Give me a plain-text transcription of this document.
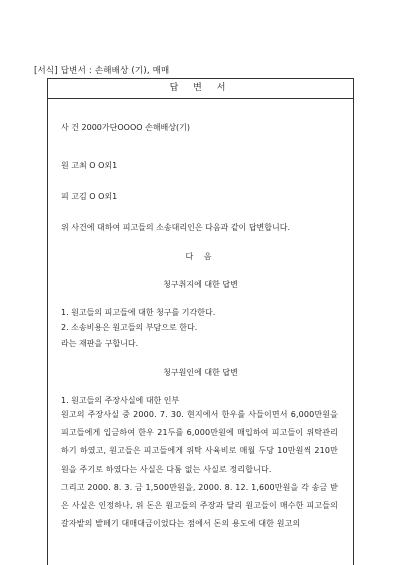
[서식] 답변서 : 손해배상 (기), 매매
답 변 서
사 건 2000가단OOOO 손해배상(기)
원 고최 O O외1
피 고김 O O외1
위 사건에 대하여 피고들의 소송대리인은 다음과 같이 답변합니다.
다 음
청구취지에 대한 답변
1. 원고들의 피고들에 대한 청구를 기각한다.
2. 소송비용은 원고들의 부담으로 한다.
라는 재판을 구합니다.
청구원인에 대한 답변
1. 원고들의 주장사실에 대한 인부
원고의 주장사실 중 2000. 7. 30. 현지에서 한우를 사들이면서 6,000만원을 피고들에게 입금하여 한우 21두를 6,000만원에 매입하여 피고들이 위탁관리하기 하였고, 원고들은 피고들에게 위탁 사육비로 매월 두당 10만원씩 210만원을 주기로 하였다는 사실은 다툼 없는 사실로 정리합니다.
그리고 2000. 8. 3. 금 1,500만원을, 2000. 8. 12. 1,600만원을 각 송금 받은 사실은 인정하나, 위 돈은 원고들의 주장과 달리 원고들이 매수한 피고들의 갈자밭의 밭떼기 대매대금이었다는 점에서 돈의 용도에 대한 원고의
